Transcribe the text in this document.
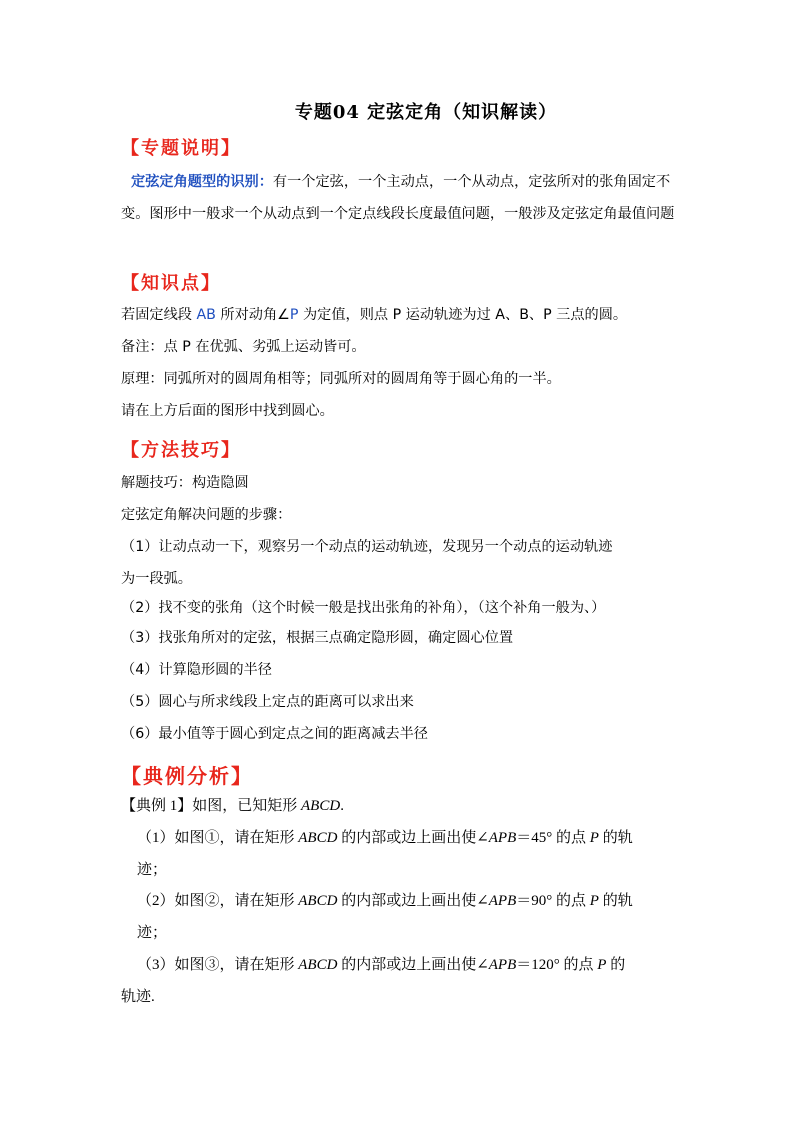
专题04 定弦定角（知识解读）
【专题说明】
定弦定角题型的识别：有一个定弦，一个主动点，一个从动点，定弦所对的张角固定不变。图形中一般求一个从动点到一个定点线段长度最值问题，一般涉及定弦定角最值问题
【知识点】
若固定线段 AB 所对动角∠P 为定值，则点 P 运动轨迹为过 A、B、P 三点的圆。
备注：点 P 在优弧、劣弧上运动皆可。
原理：同弧所对的圆周角相等；同弧所对的圆周角等于圆心角的一半。
请在上方后面的图形中找到圆心。
【方法技巧】
解题技巧：构造隐圆
定弦定角解决问题的步骤：
（1）让动点动一下，观察另一个动点的运动轨迹，发现另一个动点的运动轨迹
为一段弧。
（2）找不变的张角（这个时候一般是找出张角的补角），（这个补角一般为、）
（3）找张角所对的定弦，根据三点确定隐形圆，确定圆心位置
（4）计算隐形圆的半径
（5）圆心与所求线段上定点的距离可以求出来
（6）最小值等于圆心到定点之间的距离减去半径
【典例分析】
【典例 1】如图，已知矩形 ABCD.
（1）如图①，请在矩形 ABCD 的内部或边上画出使∠APB＝45° 的点 P 的轨
迹；
（2）如图②，请在矩形 ABCD 的内部或边上画出使∠APB＝90° 的点 P 的轨
迹；
（3）如图③，请在矩形 ABCD 的内部或边上画出使∠APB＝120° 的点 P 的
轨迹.
